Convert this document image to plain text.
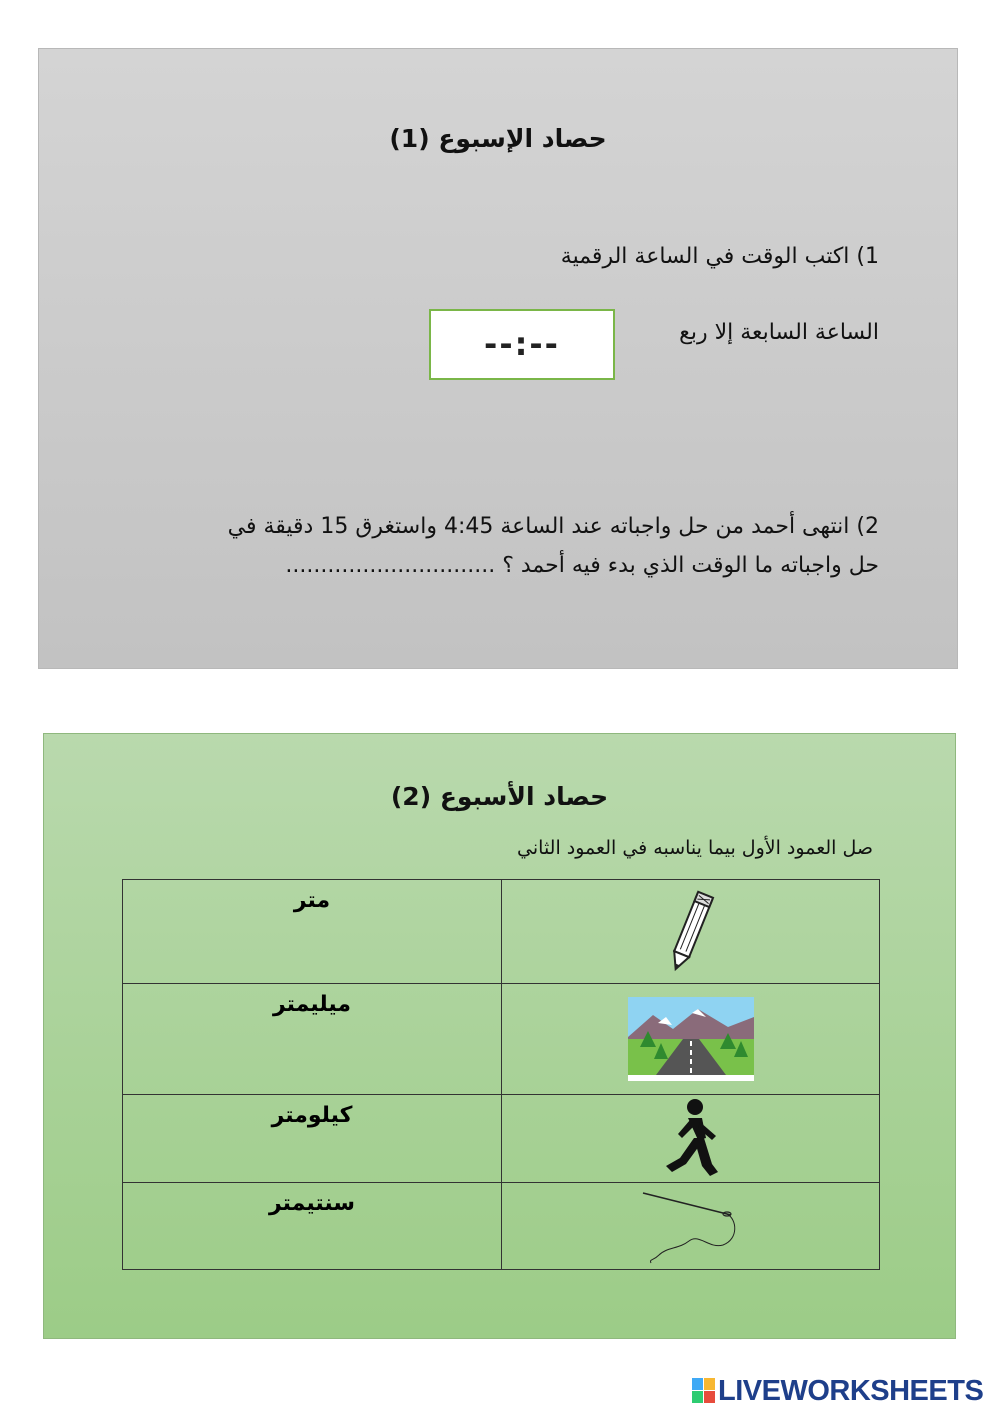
حصاد الإسبوع (1)
1) اكتب الوقت في الساعة الرقمية
الساعة السابعة إلا ربع
--:--
2) انتهى أحمد من حل واجباته عند الساعة 4:45 واستغرق 15 دقيقة في
حل واجباته ما الوقت الذي بدء فيه أحمد ؟ ..............................
حصاد الأسبوع (2)
صل العمود الأول بيما يناسبه في العمود الثاني
متر	
ميليمتر	
كيلومتر	
سنتيمتر	
LIVEWORKSHEETS
